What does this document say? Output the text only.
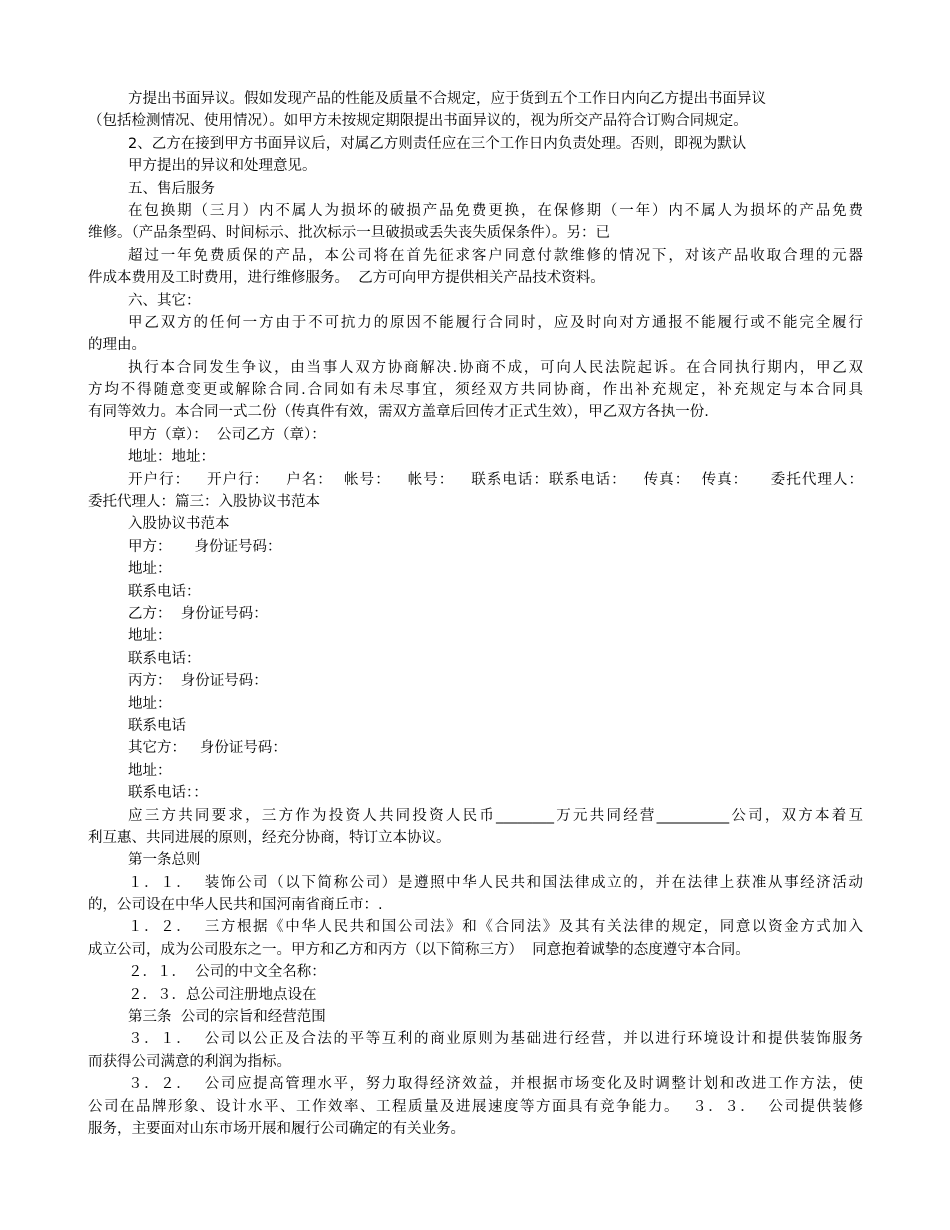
方提出书面异议。假如发现产品的性能及质量不合规定，应于货到五个工作日内向乙方提出书面异议
（包括检测情况、使用情况）。如甲方未按规定期限提出书面异议的，视为所交产品符合订购合同规定。
2、乙方在接到甲方书面异议后，对属乙方则责任应在三个工作日内负责处理。否则，即视为默认
甲方提出的异议和处理意见。
五、售后服务
在包换期（三月）内不属人为损坏的破损产品免费更换，在保修期（一年）内不属人为损坏的产品免费
维修。（产品条型码、时间标示、批次标示一旦破损或丢失丧失质保条件）。另：已
超过一年免费质保的产品，本公司将在首先征求客户同意付款维修的情况下，对该产品收取合理的元器
件成本费用及工时费用，进行维修服务。  乙方可向甲方提供相关产品技术资料。
六、其它：
甲乙双方的任何一方由于不可抗力的原因不能履行合同时，应及时向对方通报不能履行或不能完全履行
的理由。
执行本合同发生争议，由当事人双方协商解决.协商不成，可向人民法院起诉。在合同执行期内，甲乙双
方均不得随意变更或解除合同.合同如有未尽事宜，须经双方共同协商，作出补充规定，补充规定与本合同具
有同等效力。本合同一式二份（传真件有效，需双方盖章后回传才正式生效），甲乙双方各执一份.
甲方（章）：  公司乙方（章）：
地址：地址：
开户行：   开户行：   户名：  帐号：   帐号：   联系电话：联系电话：   传真：  传真：    委托代理人：
委托代理人：篇三：入股协议书范本
入股协议书范本
甲方：     身份证号码：
地址：
联系电话：
乙方：  身份证号码：
地址：
联系电话：
丙方：  身份证号码：
地址：
联系电话
其它方：   身份证号码：
地址：
联系电话：：
应三方共同要求，三方作为投资人共同投资人民币________万元共同经营__________公司，双方本着互
利互惠、共同进展的原则，经充分协商，特订立本协议。
第一条总则
１．１．  装饰公司（以下简称公司）是遵照中华人民共和国法律成立的，并在法律上获准从事经济活动
的，公司设在中华人民共和国河南省商丘市：.
１．２．  三方根据《中华人民共和国公司法》和《合同法》及其有关法律的规定，同意以资金方式加入
成立公司，成为公司股东之一。甲方和乙方和丙方（以下简称三方）  同意抱着诚挚的态度遵守本合同。
２．１．  公司的中文全名称：
２．３．总公司注册地点设在
第三条  公司的宗旨和经营范围
３．１．  公司以公正及合法的平等互利的商业原则为基础进行经营，并以进行环境设计和提供装饰服务
而获得公司满意的利润为指标。
３．２．  公司应提高管理水平，努力取得经济效益，并根据市场变化及时调整计划和改进工作方法，使
公司在品牌形象、设计水平、工作效率、工程质量及进展速度等方面具有竞争能力。  ３．３．  公司提供装修
服务，主要面对山东市场开展和履行公司确定的有关业务。
